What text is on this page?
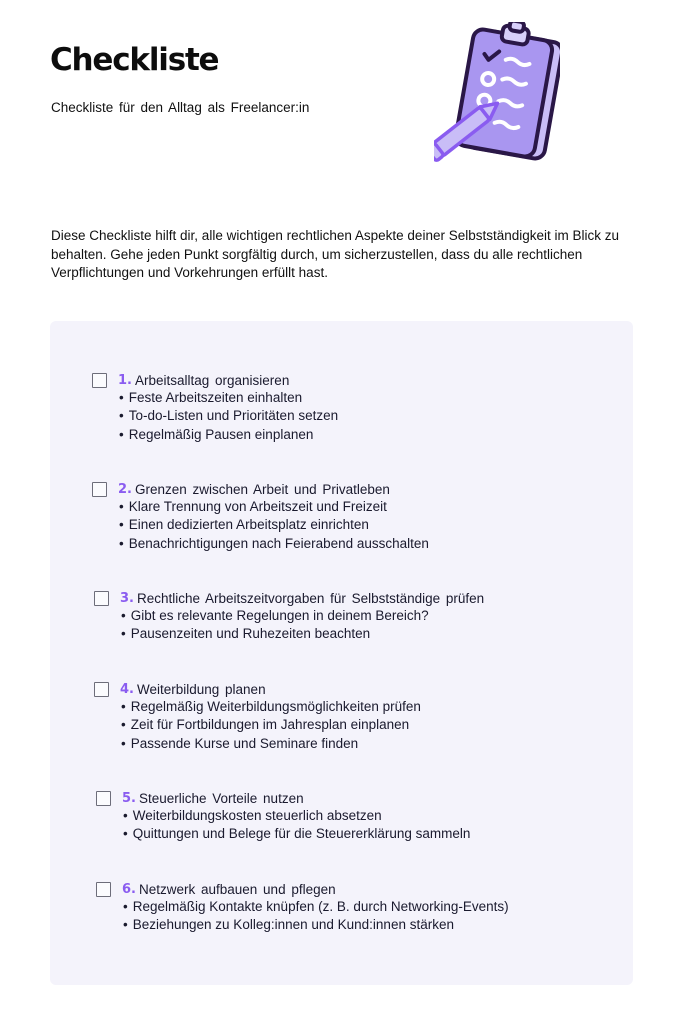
Checkliste

Checkliste für den Alltag als Freelancer:in

Diese Checkliste hilft dir, alle wichtigen rechtlichen Aspekte deiner Selbstständigkeit im Blick zu behalten. Gehe jeden Punkt sorgfältig durch, um sicherzustellen, dass du alle rechtlichen Verpflichtungen und Vorkehrungen erfüllt hast.

1. Arbeitsalltag organisieren
• Feste Arbeitszeiten einhalten
• To-do-Listen und Prioritäten setzen
• Regelmäßig Pausen einplanen
2. Grenzen zwischen Arbeit und Privatleben
• Klare Trennung von Arbeitszeit und Freizeit
• Einen dedizierten Arbeitsplatz einrichten
• Benachrichtigungen nach Feierabend ausschalten
3. Rechtliche Arbeitszeitvorgaben für Selbstständige prüfen
• Gibt es relevante Regelungen in deinem Bereich?
• Pausenzeiten und Ruhezeiten beachten
4. Weiterbildung planen
• Regelmäßig Weiterbildungsmöglichkeiten prüfen
• Zeit für Fortbildungen im Jahresplan einplanen
• Passende Kurse und Seminare finden
5. Steuerliche Vorteile nutzen
• Weiterbildungskosten steuerlich absetzen
• Quittungen und Belege für die Steuererklärung sammeln
6. Netzwerk aufbauen und pflegen
• Regelmäßig Kontakte knüpfen (z. B. durch Networking-Events)
• Beziehungen zu Kolleg:innen und Kund:innen stärken
